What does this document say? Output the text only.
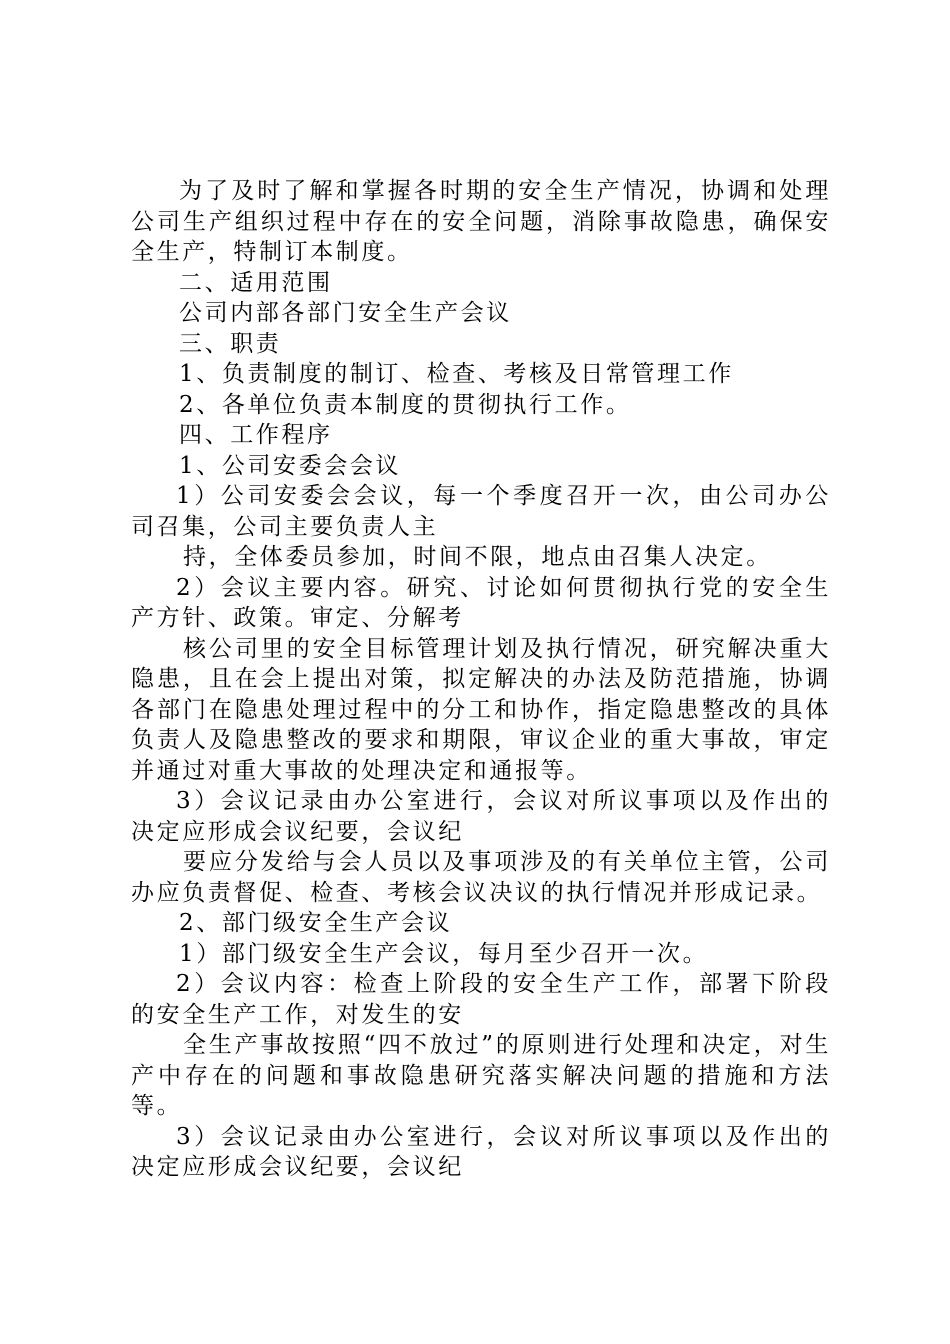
为了及时了解和掌握各时期的安全生产情况，协调和处理公司生产组织过程中存在的安全问题，消除事故隐患，确保安全生产，特制订本制度。

二、适用范围

公司内部各部门安全生产会议

三、职责

1、负责制度的制订、检查、考核及日常管理工作

2、各单位负责本制度的贯彻执行工作。

四、工作程序

1、公司安委会会议

1）公司安委会会议，每一个季度召开一次，由公司办公司召集，公司主要负责人主

持，全体委员参加，时间不限，地点由召集人决定。

2）会议主要内容。研究、讨论如何贯彻执行党的安全生产方针、政策。审定、分解考

核公司里的安全目标管理计划及执行情况，研究解决重大隐患，且在会上提出对策，拟定解决的办法及防范措施，协调各部门在隐患处理过程中的分工和协作，指定隐患整改的具体负责人及隐患整改的要求和期限，审议企业的重大事故，审定并通过对重大事故的处理决定和通报等。

3）会议记录由办公室进行，会议对所议事项以及作出的决定应形成会议纪要，会议纪

要应分发给与会人员以及事项涉及的有关单位主管，公司办应负责督促、检查、考核会议决议的执行情况并形成记录。

2、部门级安全生产会议

1）部门级安全生产会议，每月至少召开一次。

2）会议内容：检查上阶段的安全生产工作，部署下阶段的安全生产工作，对发生的安

全生产事故按照“四不放过”的原则进行处理和决定，对生产中存在的问题和事故隐患研究落实解决问题的措施和方法等。

3）会议记录由办公室进行，会议对所议事项以及作出的决定应形成会议纪要，会议纪
